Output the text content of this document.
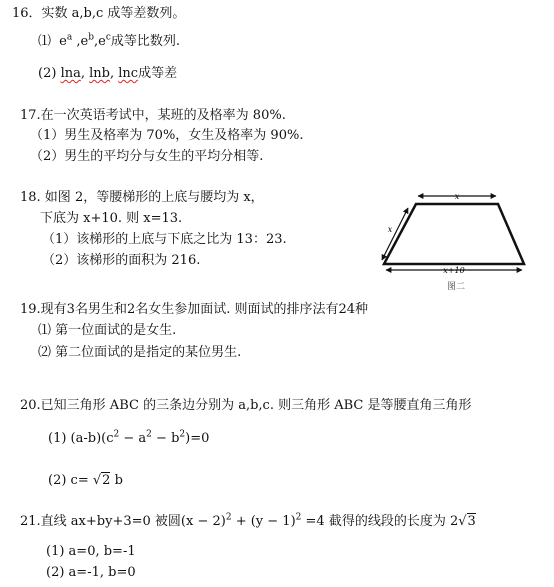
16．实数 a,b,c 成等差数列。
⑴ $e^a$ $,e^b,e^c$成等比数列.
(2) lna, lnb, lnc成等差
17.在一次英语考试中，某班的及格率为 80%.
（1）男生及格率为 70%，女生及格率为 90%.
（2）男生的平均分与女生的平均分相等.
18. 如图 2，等腰梯形的上底与腰均为 x，
下底为 x+10. 则 x=13.
（1）该梯形的上底与下底之比为 13：23.
（2）该梯形的面积为 216.
x
x
x+10
图二
19.现有3名男生和2名女生参加面试. 则面试的排序法有24种
⑴ 第一位面试的是女生.
⑵ 第二位面试的是指定的某位男生.
20.已知三角形 ABC 的三条边分别为 a,b,c. 则三角形 ABC 是等腰直角三角形
(1) $(a-b)(c^2 - a^2 - b^2)=0$
(2) c= √2 b
21.直线 ax+by+3=0 被圆$(x - 2)^2 + (y - 1)^2 =4$ 截得的线段的长度为 2√3
(1) a=0, b=-1
(2) a=-1, b=0
